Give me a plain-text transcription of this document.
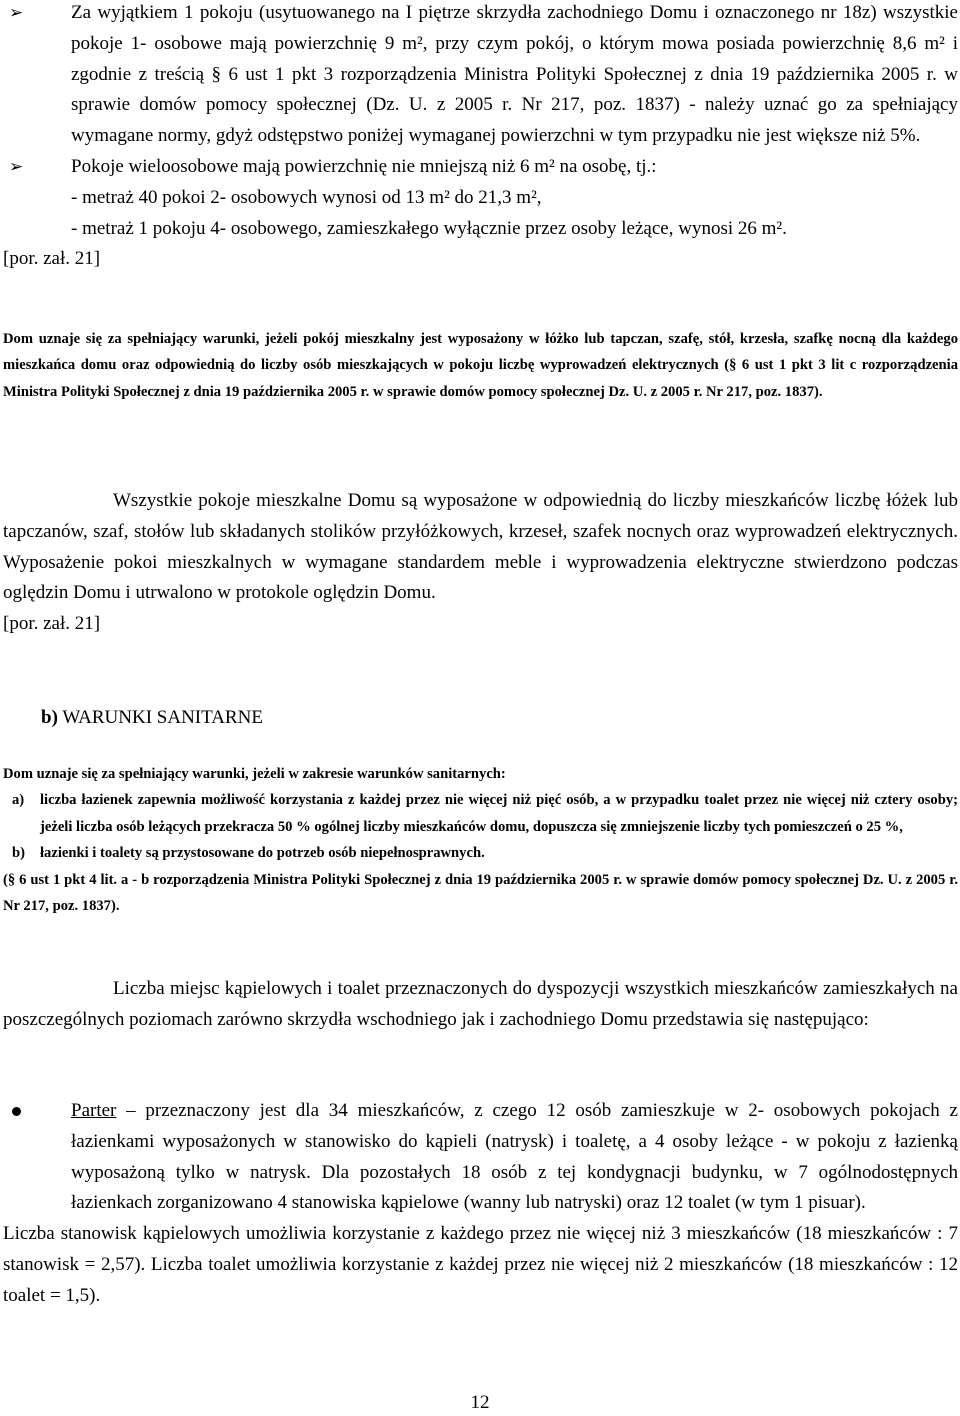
➢	Za wyjątkiem 1 pokoju (usytuowanego na I piętrze skrzydła zachodniego Domu i oznaczonego nr 18z) wszystkie pokoje 1- osobowe mają powierzchnię 9 m², przy czym pokój, o którym mowa posiada powierzchnię 8,6 m² i zgodnie z treścią § 6 ust 1 pkt 3 rozporządzenia Ministra Polityki Społecznej z dnia 19 października 2005 r. w sprawie domów pomocy społecznej (Dz. U. z 2005 r. Nr 217, poz. 1837) - należy uznać go za spełniający wymagane normy, gdyż odstępstwo poniżej wymaganej powierzchni w tym przypadku nie jest większe niż 5%.
➢	Pokoje wieloosobowe mają powierzchnię nie mniejszą niż 6 m² na osobę, tj.:
- metraż 40 pokoi 2- osobowych wynosi od 13 m² do 21,3 m²,
- metraż 1 pokoju 4- osobowego, zamieszkałego wyłącznie przez osoby leżące, wynosi 26 m².
[por. zał. 21]
Dom uznaje się za spełniający warunki, jeżeli pokój mieszkalny jest wyposażony w łóżko lub tapczan, szafę, stół, krzesła, szafkę nocną dla każdego mieszkańca domu oraz odpowiednią do liczby osób mieszkających w pokoju liczbę wyprowadzeń elektrycznych (§ 6 ust 1 pkt 3 lit c rozporządzenia Ministra Polityki Społecznej z dnia 19 października 2005 r. w sprawie domów pomocy społecznej Dz. U. z 2005 r. Nr 217, poz. 1837).
Wszystkie pokoje mieszkalne Domu są wyposażone w odpowiednią do liczby mieszkańców liczbę łóżek lub tapczanów, szaf, stołów lub składanych stolików przyłóżkowych, krzeseł, szafek nocnych oraz wyprowadzeń elektrycznych. Wyposażenie pokoi mieszkalnych w wymagane standardem meble i wyprowadzenia elektryczne stwierdzono podczas oględzin Domu i utrwalono w protokole oględzin Domu.
[por. zał. 21]
b) WARUNKI SANITARNE
Dom uznaje się za spełniający warunki, jeżeli w zakresie warunków sanitarnych:
a)	liczba łazienek zapewnia możliwość korzystania z każdej przez nie więcej niż pięć osób, a w przypadku toalet przez nie więcej niż cztery osoby; jeżeli liczba osób leżących przekracza 50 % ogólnej liczby mieszkańców domu, dopuszcza się zmniejszenie liczby tych pomieszczeń o 25 %,
b)	łazienki i toalety są przystosowane do potrzeb osób niepełnosprawnych.
(§ 6 ust 1 pkt 4 lit. a - b rozporządzenia Ministra Polityki Społecznej z dnia 19 października 2005 r. w sprawie domów pomocy społecznej Dz. U. z 2005 r. Nr 217, poz. 1837).
Liczba miejsc kąpielowych i toalet przeznaczonych do dyspozycji wszystkich mieszkańców zamieszkałych na poszczególnych poziomach zarówno skrzydła wschodniego jak i zachodniego Domu przedstawia się następująco:
Parter – przeznaczony jest dla 34 mieszkańców, z czego 12 osób zamieszkuje w 2- osobowych pokojach z łazienkami wyposażonych w stanowisko do kąpieli (natrysk) i toaletę, a 4 osoby leżące - w pokoju z łazienką wyposażoną tylko w natrysk. Dla pozostałych 18 osób z tej kondygnacji budynku, w 7 ogólnodostępnych łazienkach zorganizowano 4 stanowiska kąpielowe (wanny lub natryski) oraz 12 toalet (w tym 1 pisuar).
Liczba stanowisk kąpielowych umożliwia korzystanie z każdego przez nie więcej niż 3 mieszkańców (18 mieszkańców : 7 stanowisk = 2,57). Liczba toalet umożliwia korzystanie z każdej przez nie więcej niż 2 mieszkańców (18 mieszkańców : 12 toalet = 1,5).
12
